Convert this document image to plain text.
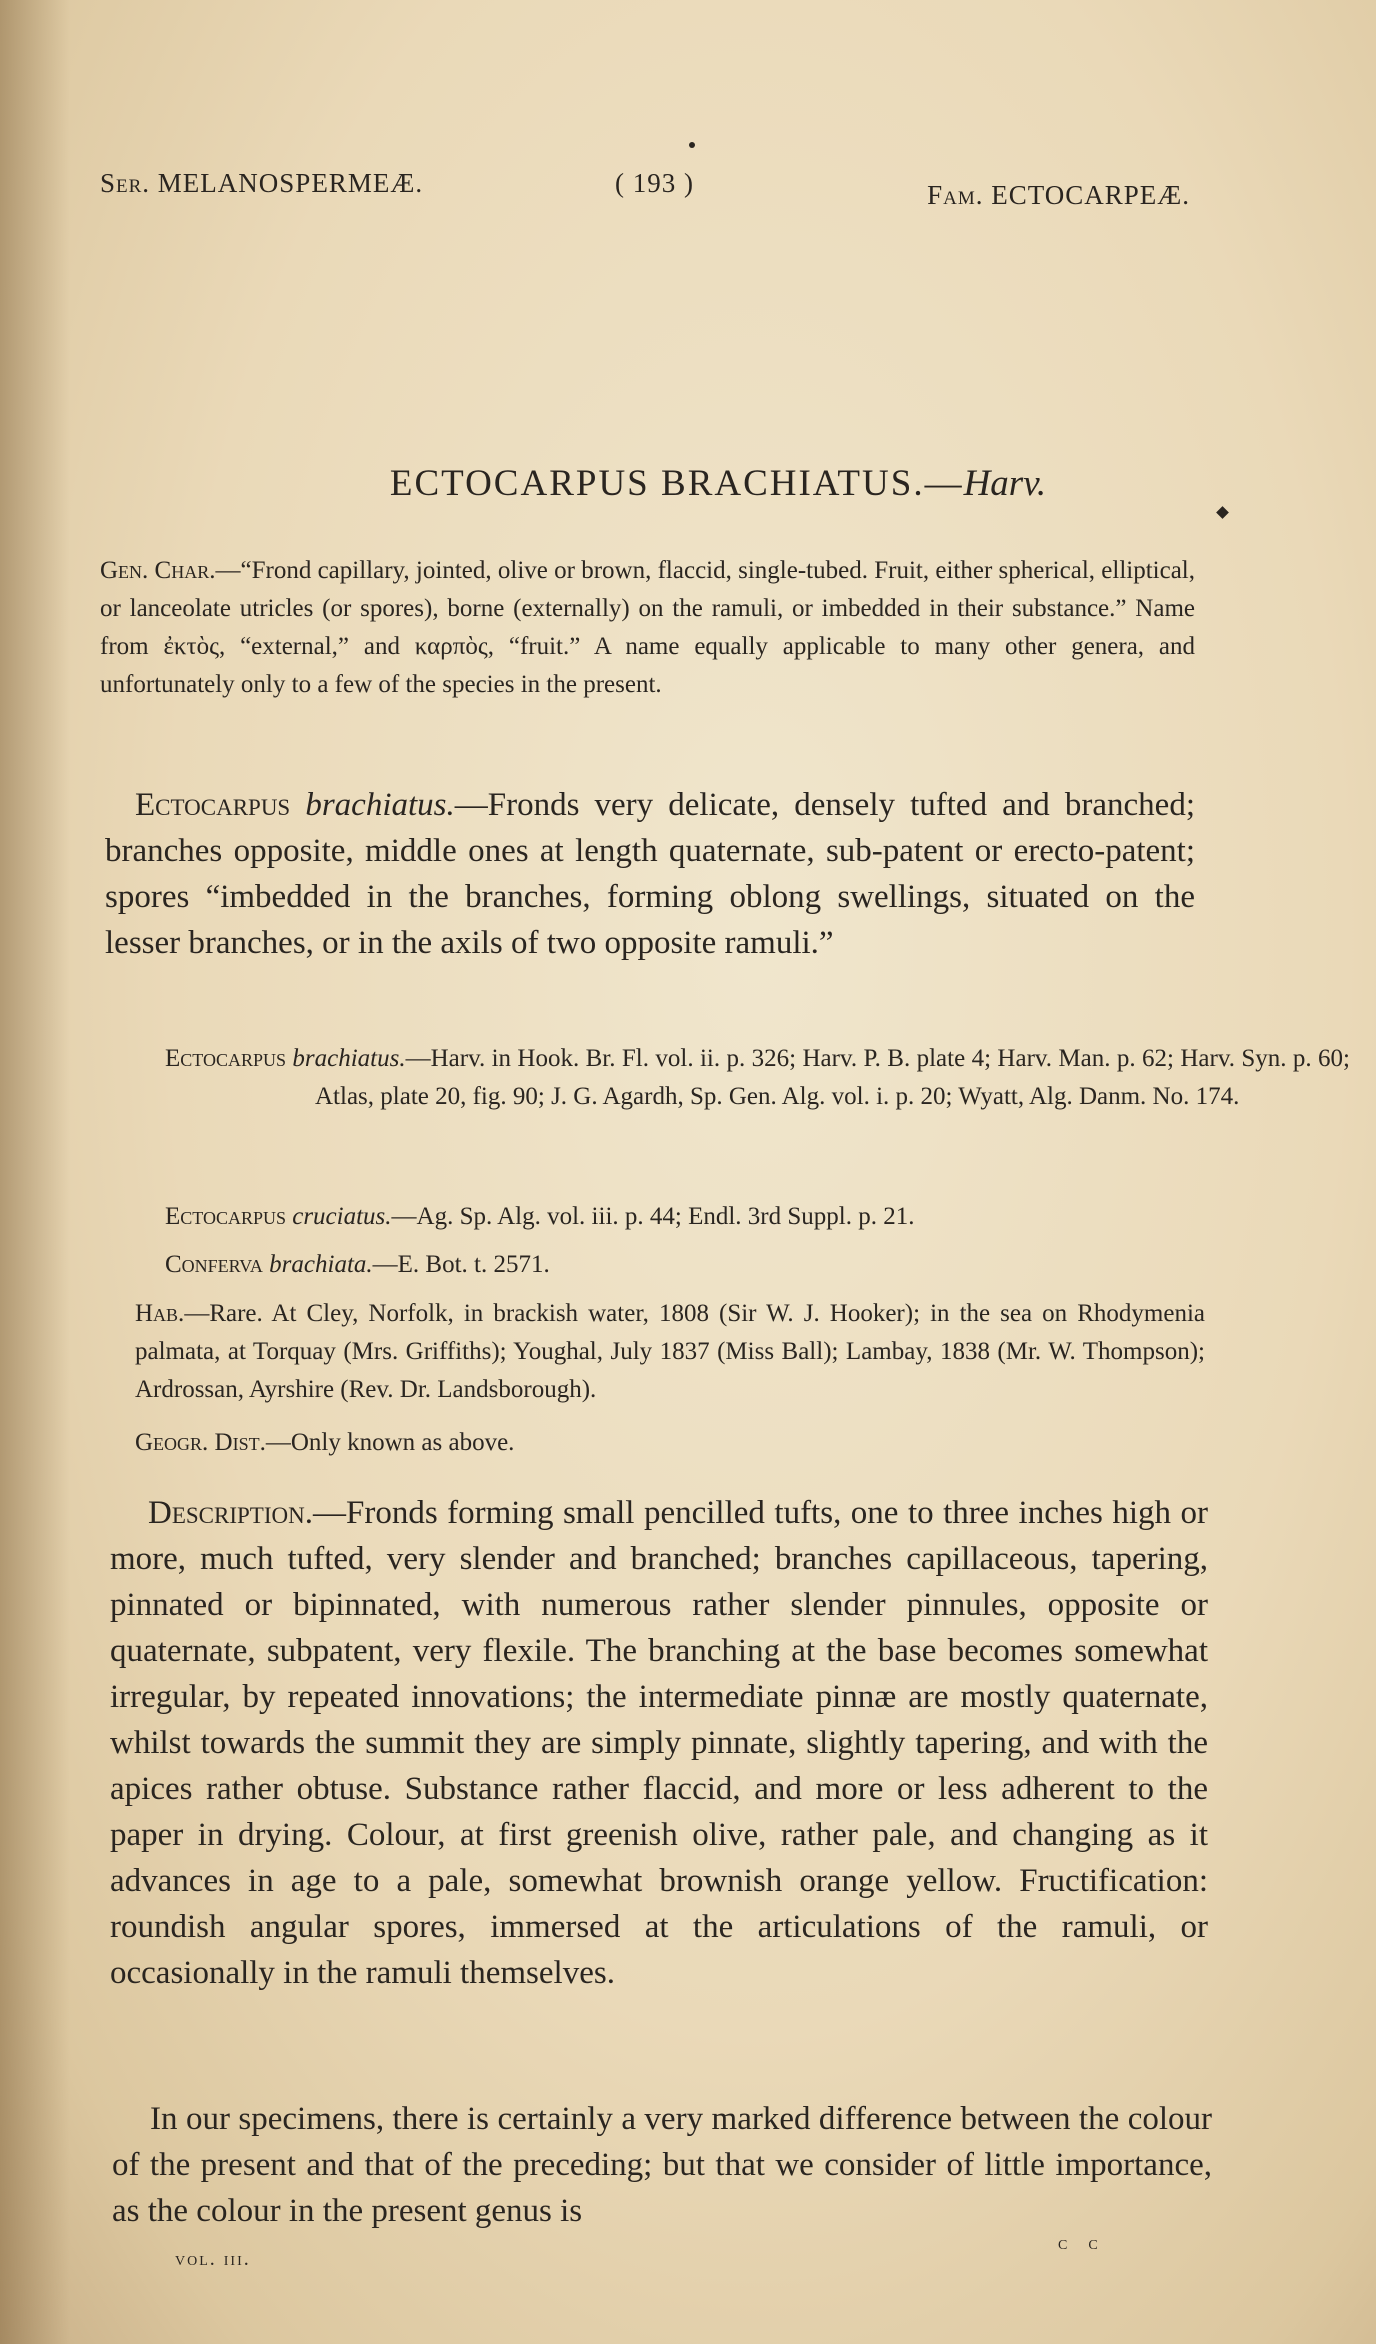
Ser. MELANOSPERMEÆ.	( 193 )	Fam. ECTOCARPEÆ.
ECTOCARPUS BRACHIATUS.—Harv.
Gen. Char.—“Frond capillary, jointed, olive or brown, flaccid, single-tubed. Fruit, either spherical, elliptical, or lanceolate utricles (or spores), borne (externally) on the ramuli, or imbedded in their substance.” Name from ἐκτὸς, “external,” and καρπὸς, “fruit.” A name equally applicable to many other genera, and unfortunately only to a few of the species in the present.
Ectocarpus brachiatus.—Fronds very delicate, densely tufted and branched; branches opposite, middle ones at length quaternate, sub-patent or erecto-patent; spores “imbedded in the branches, forming oblong swellings, situated on the lesser branches, or in the axils of two opposite ramuli.”
Ectocarpus brachiatus.—Harv. in Hook. Br. Fl. vol. ii. p. 326; Harv. P. B. plate 4; Harv. Man. p. 62; Harv. Syn. p. 60; Atlas, plate 20, fig. 90; J. G. Agardh, Sp. Gen. Alg. vol. i. p. 20; Wyatt, Alg. Danm. No. 174.
Ectocarpus cruciatus.—Ag. Sp. Alg. vol. iii. p. 44; Endl. 3rd Suppl. p. 21.
Conferva brachiata.—E. Bot. t. 2571.
Hab.—Rare. At Cley, Norfolk, in brackish water, 1808 (Sir W. J. Hooker); in the sea on Rhodymenia palmata, at Torquay (Mrs. Griffiths); Youghal, July 1837 (Miss Ball); Lambay, 1838 (Mr. W. Thompson); Ardrossan, Ayrshire (Rev. Dr. Landsborough).
Geogr. Dist.—Only known as above.
Description.—Fronds forming small pencilled tufts, one to three inches high or more, much tufted, very slender and branched; branches capillaceous, tapering, pinnated or bipinnated, with numerous rather slender pinnules, opposite or quaternate, subpatent, very flexile. The branching at the base becomes somewhat irregular, by repeated innovations; the intermediate pinnæ are mostly quaternate, whilst towards the summit they are simply pinnate, slightly tapering, and with the apices rather obtuse. Substance rather flaccid, and more or less adherent to the paper in drying. Colour, at first greenish olive, rather pale, and changing as it advances in age to a pale, somewhat brownish orange yellow. Fructification: roundish angular spores, immersed at the articulations of the ramuli, or occasionally in the ramuli themselves.
In our specimens, there is certainly a very marked difference between the colour of the present and that of the preceding; but that we consider of little importance, as the colour in the present genus is
vol. iii.
c c
